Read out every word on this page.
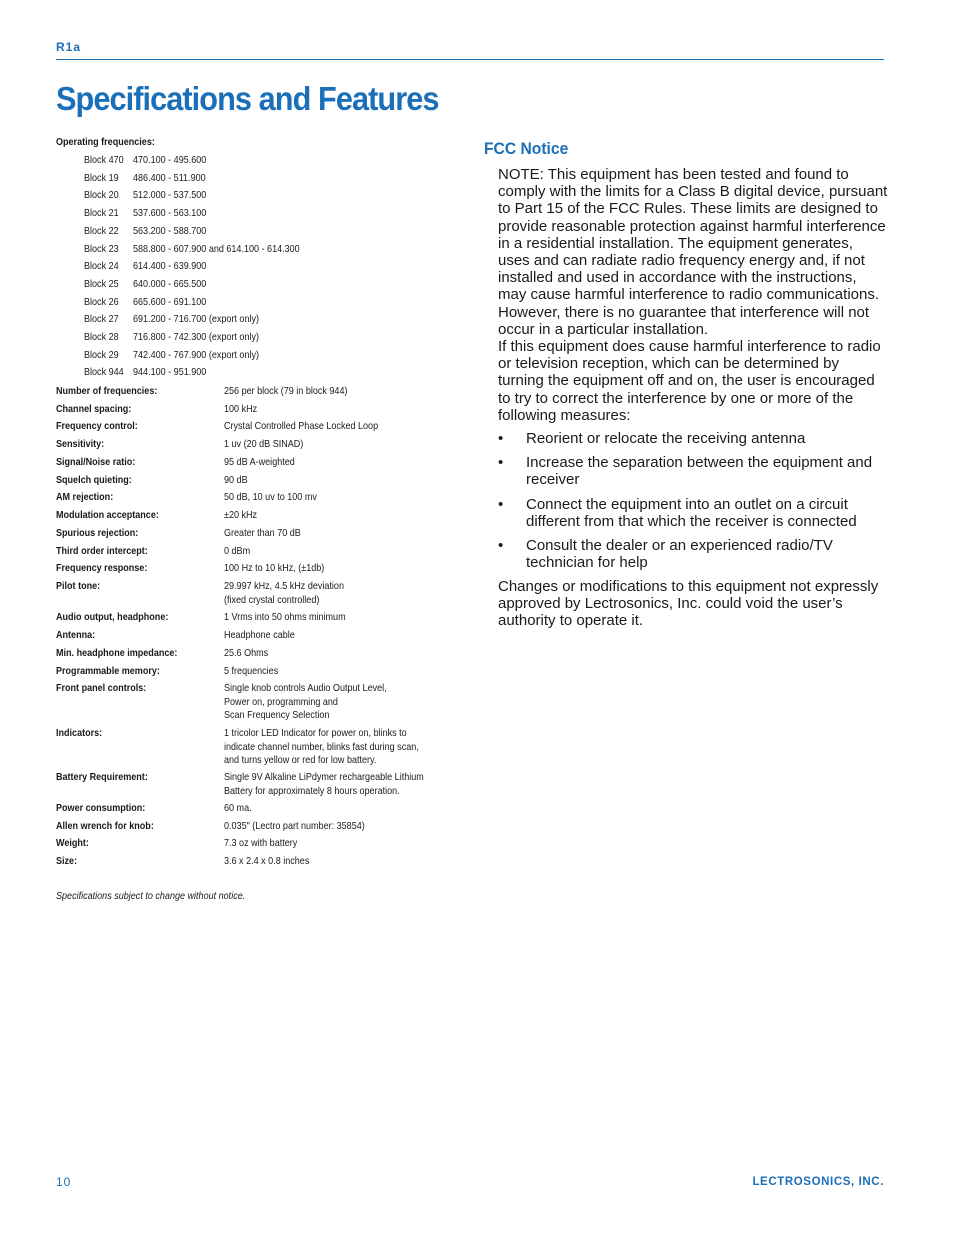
R1a
Specifications and Features
Operating frequencies:
Block 470 470.100 - 495.600
Block 19 486.400 - 511.900
Block 20 512.000 - 537.500
Block 21 537.600 - 563.100
Block 22 563.200 - 588.700
Block 23 588.800 - 607.900 and 614.100 - 614.300
Block 24 614.400 - 639.900
Block 25 640.000 - 665.500
Block 26 665.600 - 691.100
Block 27 691.200 - 716.700 (export only)
Block 28 716.800 - 742.300 (export only)
Block 29 742.400 - 767.900 (export only)
Block 944 944.100 - 951.900
Number of frequencies:	256 per block (79 in block 944)
Channel spacing:	100 kHz
Frequency control:	Crystal Controlled Phase Locked Loop
Sensitivity:	1 uv (20 dB SINAD)
Signal/Noise ratio:	95 dB A-weighted
Squelch quieting:	90 dB
AM rejection:	50 dB, 10 uv to 100 mv
Modulation acceptance:	±20 kHz
Spurious rejection:	Greater than 70 dB
Third order intercept:	0 dBm
Frequency response:	100 Hz to 10 kHz, (±1db)
Pilot tone:	29.997 kHz, 4.5 kHz deviation
(fixed crystal controlled)
Audio output, headphone:	1 Vrms into 50 ohms minimum
Antenna:	Headphone cable
Min. headphone impedance:	25.6 Ohms
Programmable memory:	5 frequencies
Front panel controls:	Single knob controls Audio Output Level,
Power on, programming and
Scan Frequency Selection
Indicators:	1 tricolor LED Indicator for power on, blinks to
indicate channel number, blinks fast during scan,
and turns yellow or red for low battery.
Battery Requirement:	Single 9V Alkaline LiPdymer rechargeable Lithium
Battery for approximately 8 hours operation.
Power consumption:	60 ma.
Allen wrench for knob:	0.035" (Lectro part number: 35854)
Weight:	7.3 oz with battery
Size:	3.6 x 2.4 x 0.8 inches
Specifications subject to change without notice.
FCC Notice

NOTE: This equipment has been tested and found to comply with the limits for a Class B digital device, pursuant to Part 15 of the FCC Rules. These limits are designed to provide reasonable protection against harmful interference in a residential installation. The equipment generates, uses and can radiate radio frequency energy and, if not installed and used in accordance with the instructions, may cause harmful interference to radio communications. However, there is no guarantee that interference will not occur in a particular installation.

If this equipment does cause harmful interference to radio or television reception, which can be determined by turning the equipment off and on, the user is encouraged to try to correct the interference by one or more of the following measures:

• Reorient or relocate the receiving antenna
• Increase the separation between the equipment and receiver
• Connect the equipment into an outlet on a circuit different from that which the receiver is connected
• Consult the dealer or an experienced radio/TV technician for help

Changes or modifications to this equipment not expressly approved by Lectrosonics, Inc. could void the user’s authority to operate it.

10	LECTROSONICS, INC.
